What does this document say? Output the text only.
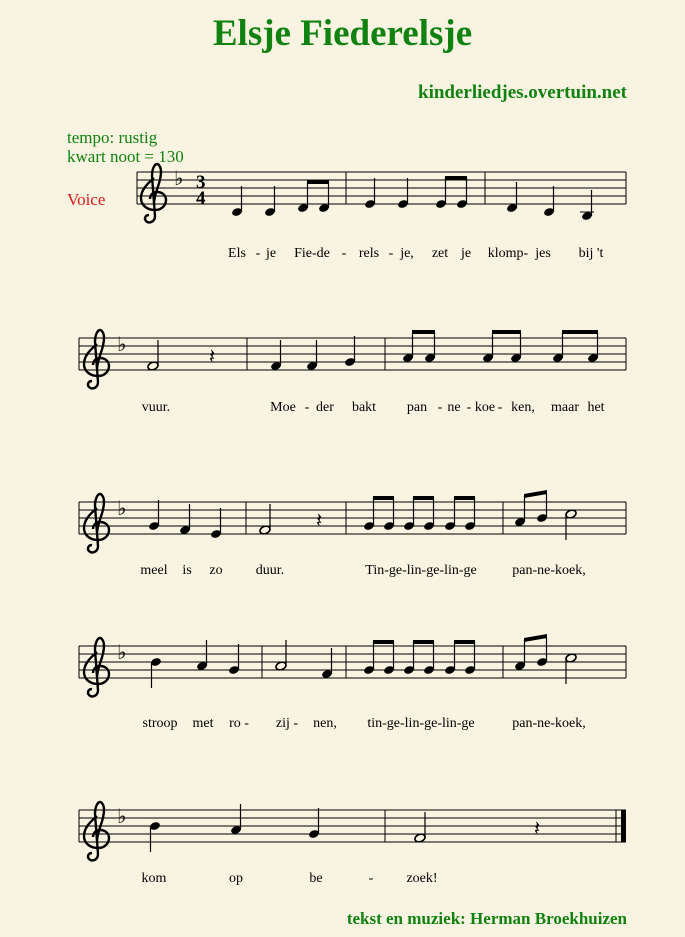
Elsje Fiederelsje
kinderliedjes.overtuin.net
tempo: rustig
kwart noot = 130
Voice
♭ 3
4
Els - je Fie-de - rels - je, zet je klomp- jes bij 't
♭	𝄽
vuur.	Moe - der bakt pan - ne - koe - ken, maar het
♭	𝄽
meel is zo duur.	Tin-ge-lin-ge-lin-ge	pan-ne-koek,
♭
stroop met ro - zij - nen, tin-ge-lin-ge-lin-ge	pan-ne-koek,
♭	𝄽
kom	op	be	- zoek!
tekst en muziek: Herman Broekhuizen
